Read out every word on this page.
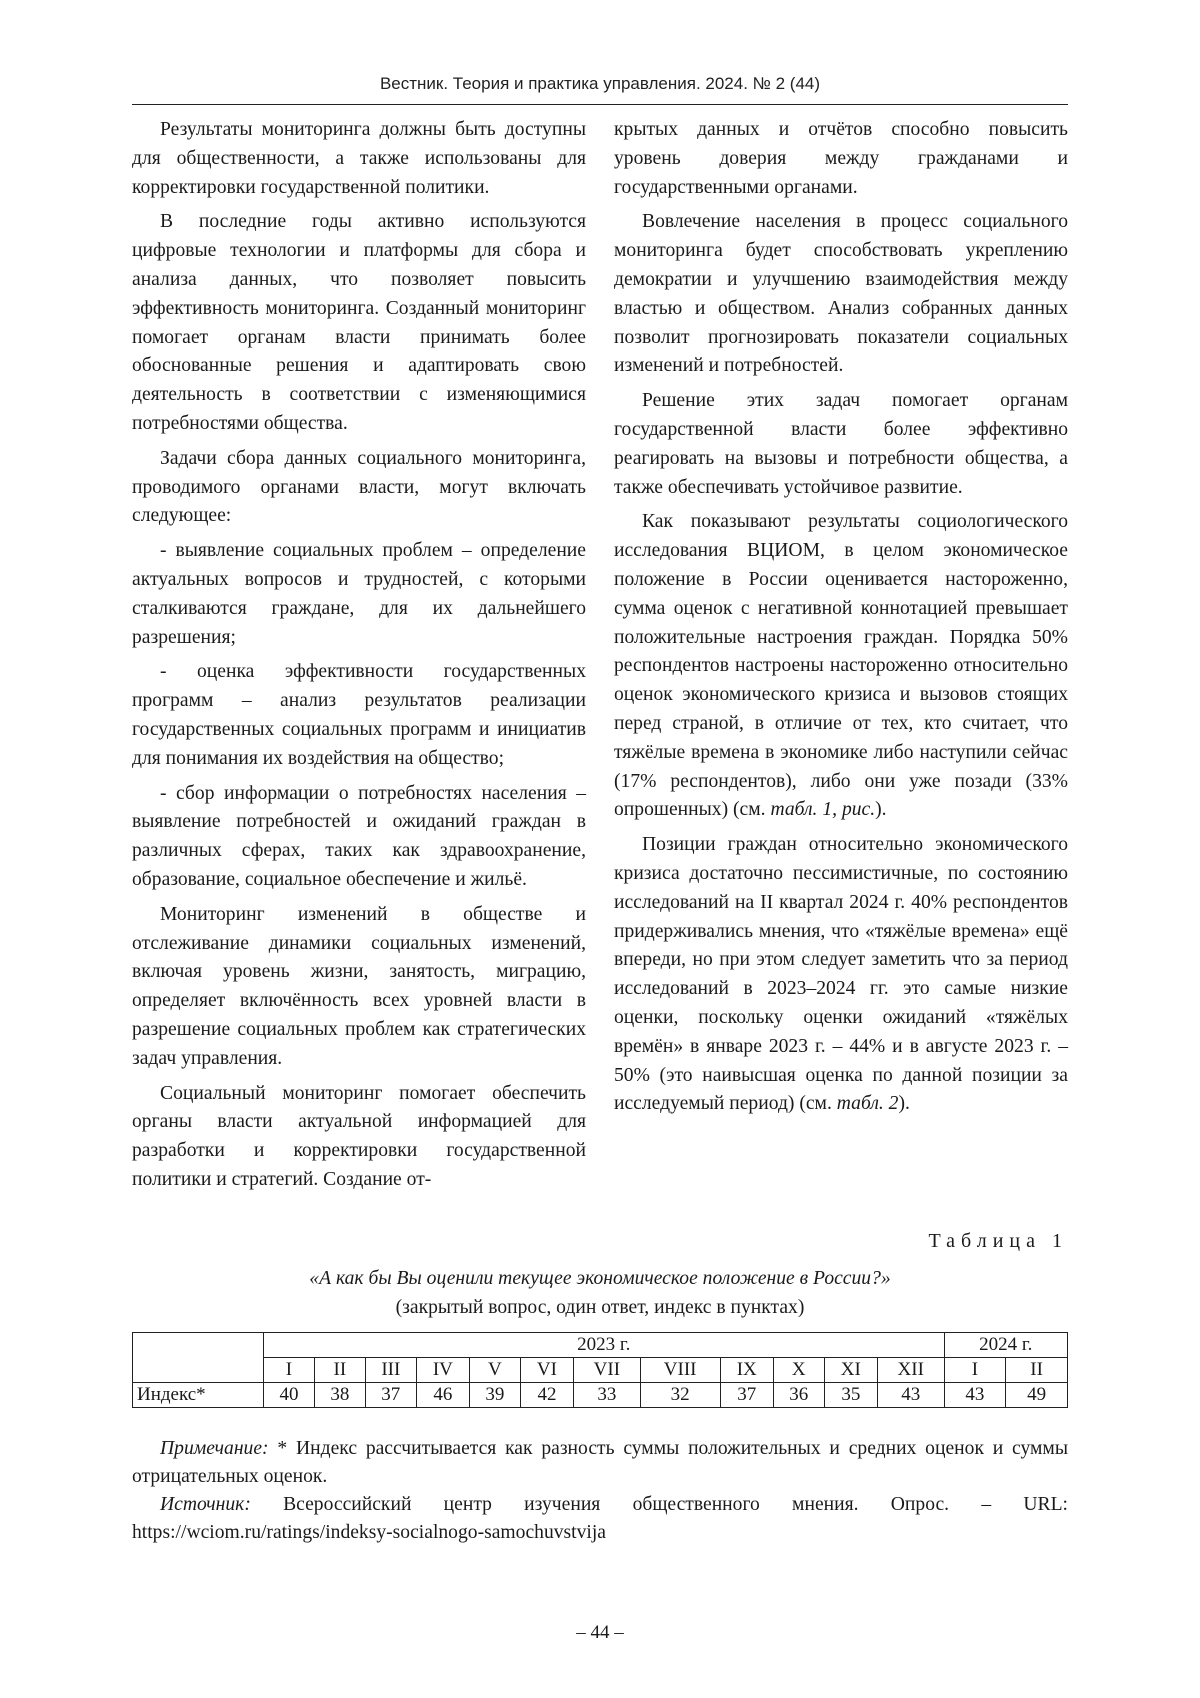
Вестник. Теория и практика управления. 2024. № 2 (44)

Результаты мониторинга должны быть доступны для общественности, а также использованы для корректировки государственной политики.

В последние годы активно используются цифровые технологии и платформы для сбора и анализа данных, что позволяет повысить эффективность мониторинга. Созданный мониторинг помогает органам власти принимать более обоснованные решения и адаптировать свою деятельность в соответствии с изменяющимися потребностями общества.

Задачи сбора данных социального мониторинга, проводимого органами власти, могут включать следующее:

- выявление социальных проблем – определение актуальных вопросов и трудностей, с которыми сталкиваются граждане, для их дальнейшего разрешения;

- оценка эффективности государственных программ – анализ результатов реализации государственных социальных программ и инициатив для понимания их воздействия на общество;

- сбор информации о потребностях населения – выявление потребностей и ожиданий граждан в различных сферах, таких как здравоохранение, образование, социальное обеспечение и жильё.

Мониторинг изменений в обществе и отслеживание динамики социальных изменений, включая уровень жизни, занятость, миграцию, определяет включённость всех уровней власти в разрешение социальных проблем как стратегических задач управления.

Социальный мониторинг помогает обеспечить органы власти актуальной информацией для разработки и корректировки государственной политики и стратегий. Создание от-

крытых данных и отчётов способно повысить уровень доверия между гражданами и государственными органами.

Вовлечение населения в процесс социального мониторинга будет способствовать укреплению демократии и улучшению взаимодействия между властью и обществом. Анализ собранных данных позволит прогнозировать показатели социальных изменений и потребностей.

Решение этих задач помогает органам государственной власти более эффективно реагировать на вызовы и потребности общества, а также обеспечивать устойчивое развитие.

Как показывают результаты социологического исследования ВЦИОМ, в целом экономическое положение в России оценивается настороженно, сумма оценок с негативной коннотацией превышает положительные настроения граждан. Порядка 50% респондентов настроены настороженно относительно оценок экономического кризиса и вызовов стоящих перед страной, в отличие от тех, кто считает, что тяжёлые времена в экономике либо наступили сейчас (17% респондентов), либо они уже позади (33% опрошенных) (см. табл. 1, рис.).

Позиции граждан относительно экономического кризиса достаточно пессимистичные, по состоянию исследований на II квартал 2024 г. 40% респондентов придерживались мнения, что «тяжёлые времена» ещё впереди, но при этом следует заметить что за период исследований в 2023–2024 гг. это самые низкие оценки, поскольку оценки ожиданий «тяжёлых времён» в январе 2023 г. – 44% и в августе 2023 г. – 50% (это наивысшая оценка по данной позиции за исследуемый период) (см. табл. 2).

Таблица 1
«А как бы Вы оценили текущее экономическое положение в России?»
(закрытый вопрос, один ответ, индекс в пунктах)
	2023 г.												2024 г.	
	I	II	III	IV	V	VI	VII	VIII	IX	X	XI	XII	I	II
Индекс*	40	38	37	46	39	42	33	32	37	36	35	43	43	49

Примечание: * Индекс рассчитывается как разность суммы положительных и средних оценок и суммы отрицательных оценок.

Источник: Всероссийский центр изучения общественного мнения. Опрос. – URL: https://wciom.ru/ratings/indeksy-socialnogo-samochuvstvija

– 44 –
